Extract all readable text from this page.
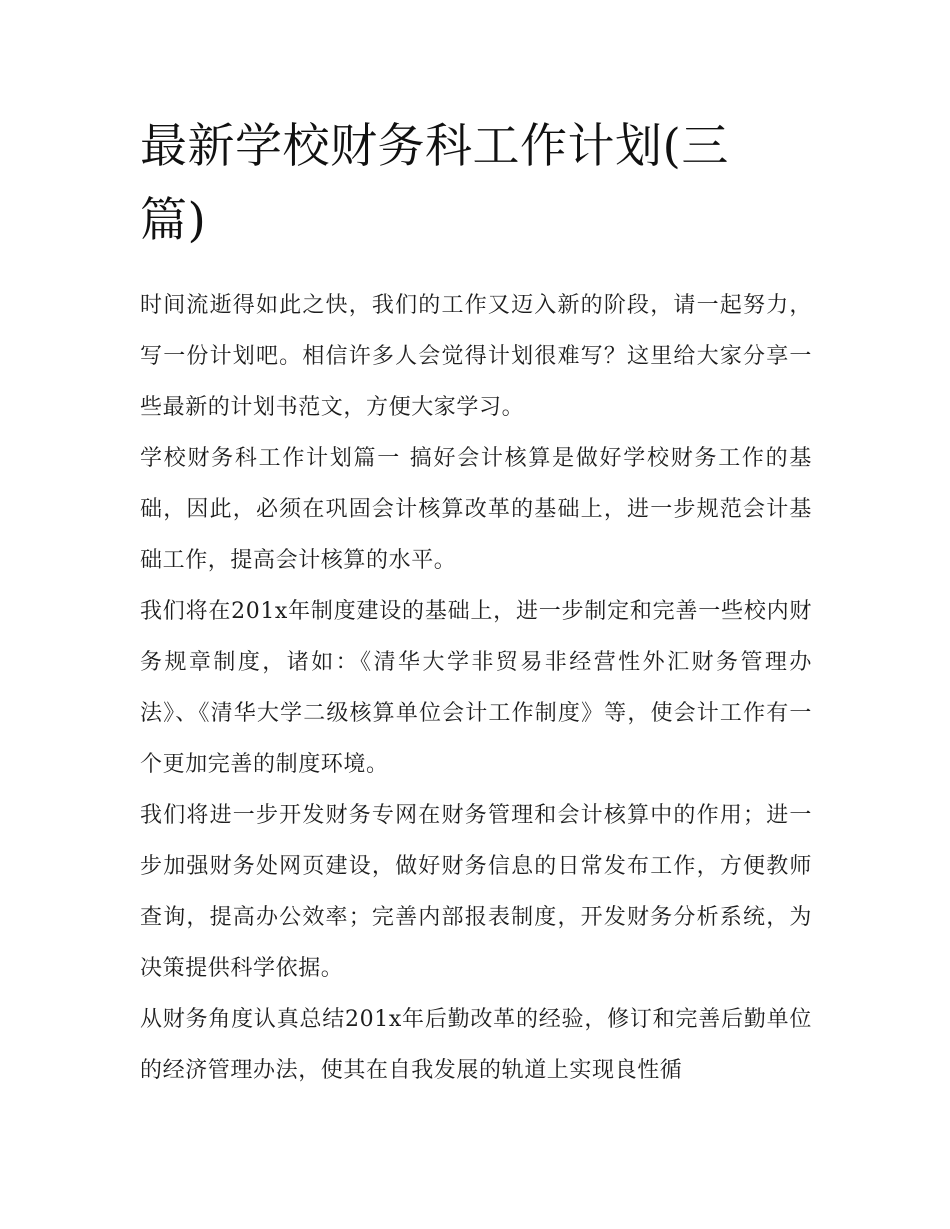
最新学校财务科工作计划(三篇)

时间流逝得如此之快，我们的工作又迈入新的阶段，请一起努力，写一份计划吧。相信许多人会觉得计划很难写？这里给大家分享一些最新的计划书范文，方便大家学习。

学校财务科工作计划篇一 搞好会计核算是做好学校财务工作的基础，因此，必须在巩固会计核算改革的基础上，进一步规范会计基础工作，提高会计核算的水平。

我们将在201x年制度建设的基础上，进一步制定和完善一些校内财务规章制度，诸如：《清华大学非贸易非经营性外汇财务管理办法》、《清华大学二级核算单位会计工作制度》等，使会计工作有一个更加完善的制度环境。

我们将进一步开发财务专网在财务管理和会计核算中的作用；进一步加强财务处网页建设，做好财务信息的日常发布工作，方便教师查询，提高办公效率；完善内部报表制度，开发财务分析系统，为决策提供科学依据。

从财务角度认真总结201x年后勤改革的经验，修订和完善后勤单位的经济管理办法，使其在自我发展的轨道上实现良性循
